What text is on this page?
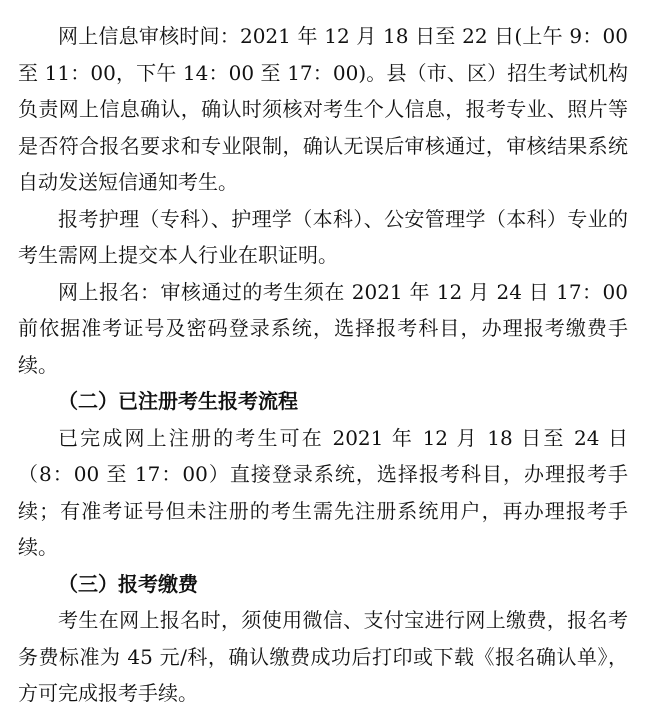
网上信息审核时间：2021 年 12 月 18 日至 22 日(上午 9：00 至 11：00，下午 14：00 至 17：00)。县（市、区）招生考试机构负责网上信息确认，确认时须核对考生个人信息，报考专业、照片等是否符合报名要求和专业限制，确认无误后审核通过，审核结果系统自动发送短信通知考生。

报考护理（专科）、护理学（本科）、公安管理学（本科）专业的考生需网上提交本人行业在职证明。

网上报名：审核通过的考生须在 2021 年 12 月 24 日 17：00 前依据准考证号及密码登录系统，选择报考科目，办理报考缴费手续。

（二）已注册考生报考流程

已完成网上注册的考生可在 2021 年 12 月 18 日至 24 日（8：00 至 17：00）直接登录系统，选择报考科目，办理报考手续；有准考证号但未注册的考生需先注册系统用户，再办理报考手续。

（三）报考缴费

考生在网上报名时，须使用微信、支付宝进行网上缴费，报名考务费标准为 45 元/科，确认缴费成功后打印或下载《报名确认单》，方可完成报考手续。
